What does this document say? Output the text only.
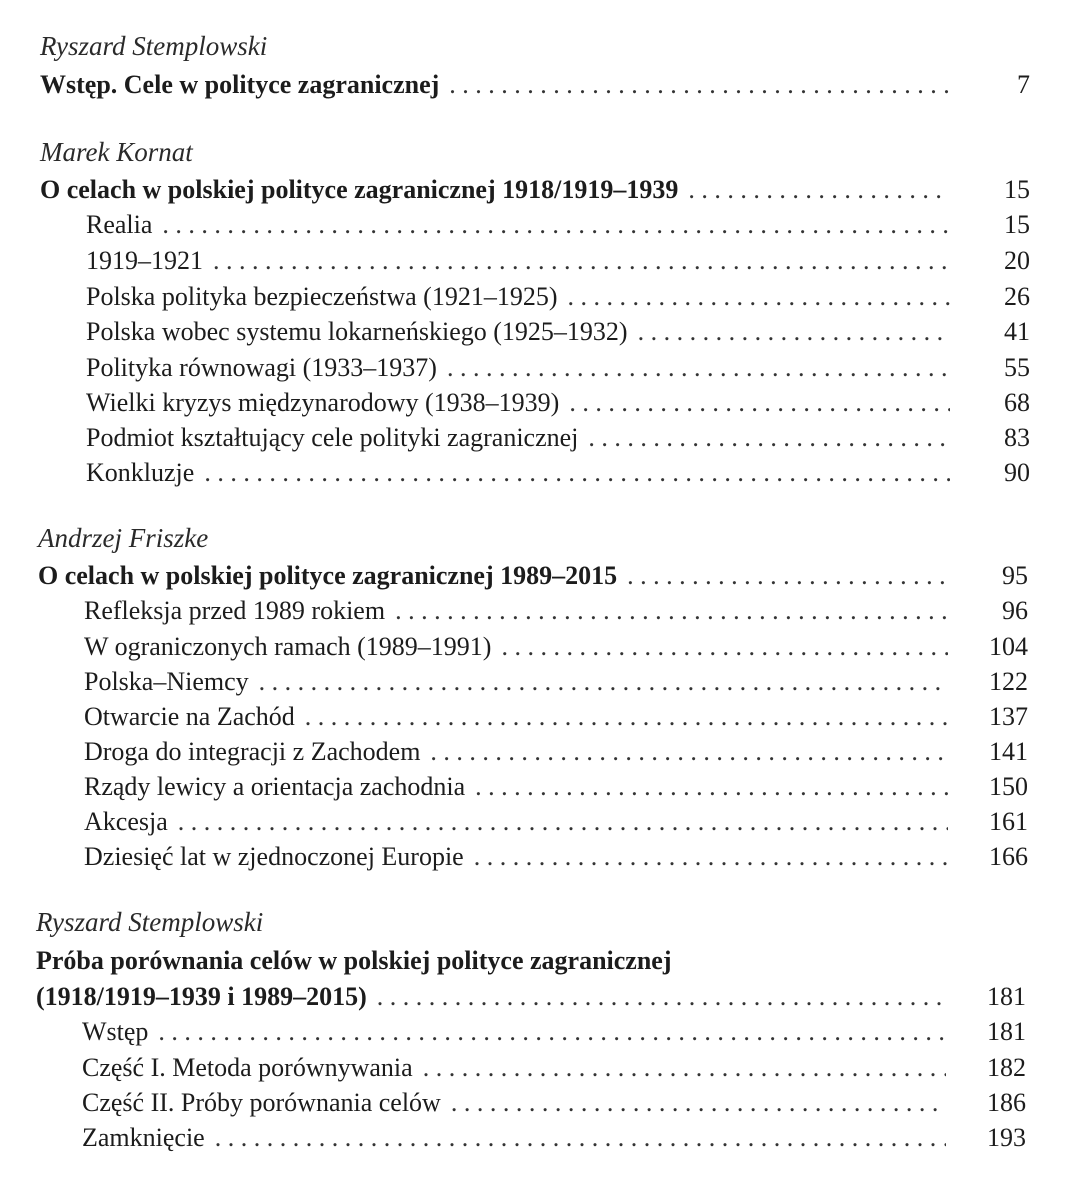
Ryszard Stemplowski
Wstęp. Cele w polityce zagranicznej . . .	7
Marek Kornat
O celach w polskiej polityce zagranicznej 1918/1919–1939 . . .	15
Realia . . .	15
1919–1921 . . .	20
Polska polityka bezpieczeństwa (1921–1925) . . .	26
Polska wobec systemu lokarneńskiego (1925–1932) . . .	41
Polityka równowagi (1933–1937) . . .	55
Wielki kryzys międzynarodowy (1938–1939) . . .	68
Podmiot kształtujący cele polityki zagranicznej . . .	83
Konkluzje . . .	90
Andrzej Friszke
O celach w polskiej polityce zagranicznej 1989–2015 . . .	95
Refleksja przed 1989 rokiem . . .	96
W ograniczonych ramach (1989–1991) . . .	104
Polska–Niemcy . . .	122
Otwarcie na Zachód . . .	137
Droga do integracji z Zachodem . . .	141
Rządy lewicy a orientacja zachodnia . . .	150
Akcesja . . .	161
Dziesięć lat w zjednoczonej Europie . . .	166
Ryszard Stemplowski
Próba porównania celów w polskiej polityce zagranicznej
(1918/1919–1939 i 1989–2015) . . .	181
Wstęp . . .	181
Część I. Metoda porównywania . . .	182
Część II. Próby porównania celów . . .	186
Zamknięcie . . .	193
